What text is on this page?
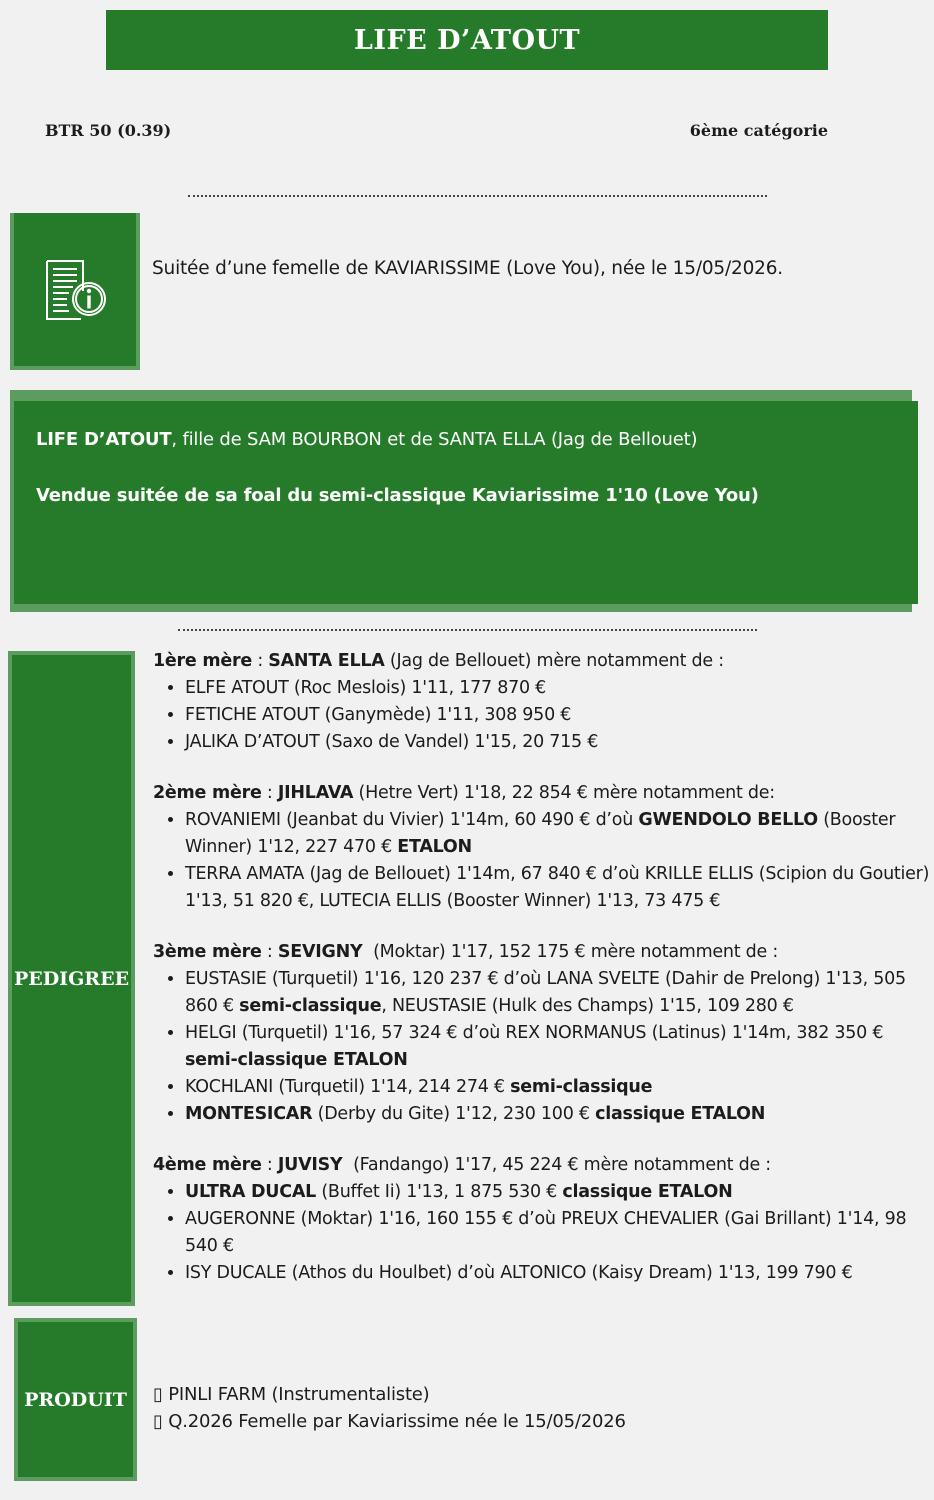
LIFE D’ATOUT
BTR 50 (0.39)	6ème catégorie
Suitée d’une femelle de KAVIARISSIME (Love You), née le 15/05/2026.
LIFE D’ATOUT, fille de SAM BOURBON et de SANTA ELLA (Jag de Bellouet)
Vendue suitée de sa foal du semi-classique Kaviarissime 1'10 (Love You)
PEDIGREE

1ère mère : SANTA ELLA (Jag de Bellouet) mère notamment de :

• ELFE ATOUT (Roc Meslois) 1'11, 177 870 €
• FETICHE ATOUT (Ganymède) 1'11, 308 950 €
• JALIKA D’ATOUT (Saxo de Vandel) 1'15, 20 715 €

2ème mère : JIHLAVA (Hetre Vert) 1'18, 22 854 € mère notamment de:

• ROVANIEMI (Jeanbat du Vivier) 1'14m, 60 490 € d’où GWENDOLO BELLO (Booster Winner) 1'12, 227 470 € ETALON
• TERRA AMATA (Jag de Bellouet) 1'14m, 67 840 € d’où KRILLE ELLIS (Scipion du Goutier) 1'13, 51 820 €, LUTECIA ELLIS (Booster Winner) 1'13, 73 475 €

3ème mère : SEVIGNY  (Moktar) 1'17, 152 175 € mère notamment de :

• EUSTASIE (Turquetil) 1'16, 120 237 € d’où LANA SVELTE (Dahir de Prelong) 1'13, 505 860 € semi-classique, NEUSTASIE (Hulk des Champs) 1'15, 109 280 €
• HELGI (Turquetil) 1'16, 57 324 € d’où REX NORMANUS (Latinus) 1'14m, 382 350 € semi-classique ETALON
• KOCHLANI (Turquetil) 1'14, 214 274 € semi-classique
• MONTESICAR (Derby du Gite) 1'12, 230 100 € classique ETALON

4ème mère : JUVISY  (Fandango) 1'17, 45 224 € mère notamment de :

• ULTRA DUCAL (Buffet Ii) 1'13, 1 875 530 € classique ETALON
• AUGERONNE (Moktar) 1'16, 160 155 € d’où PREUX CHEVALIER (Gai Brillant) 1'14, 98 540 €
• ISY DUCALE (Athos du Houlbet) d’où ALTONICO (Kaisy Dream) 1'13, 199 790 €
PRODUIT	▯ PINLI FARM (Instrumentaliste)
▯ Q.2026 Femelle par Kaviarissime née le 15/05/2026
